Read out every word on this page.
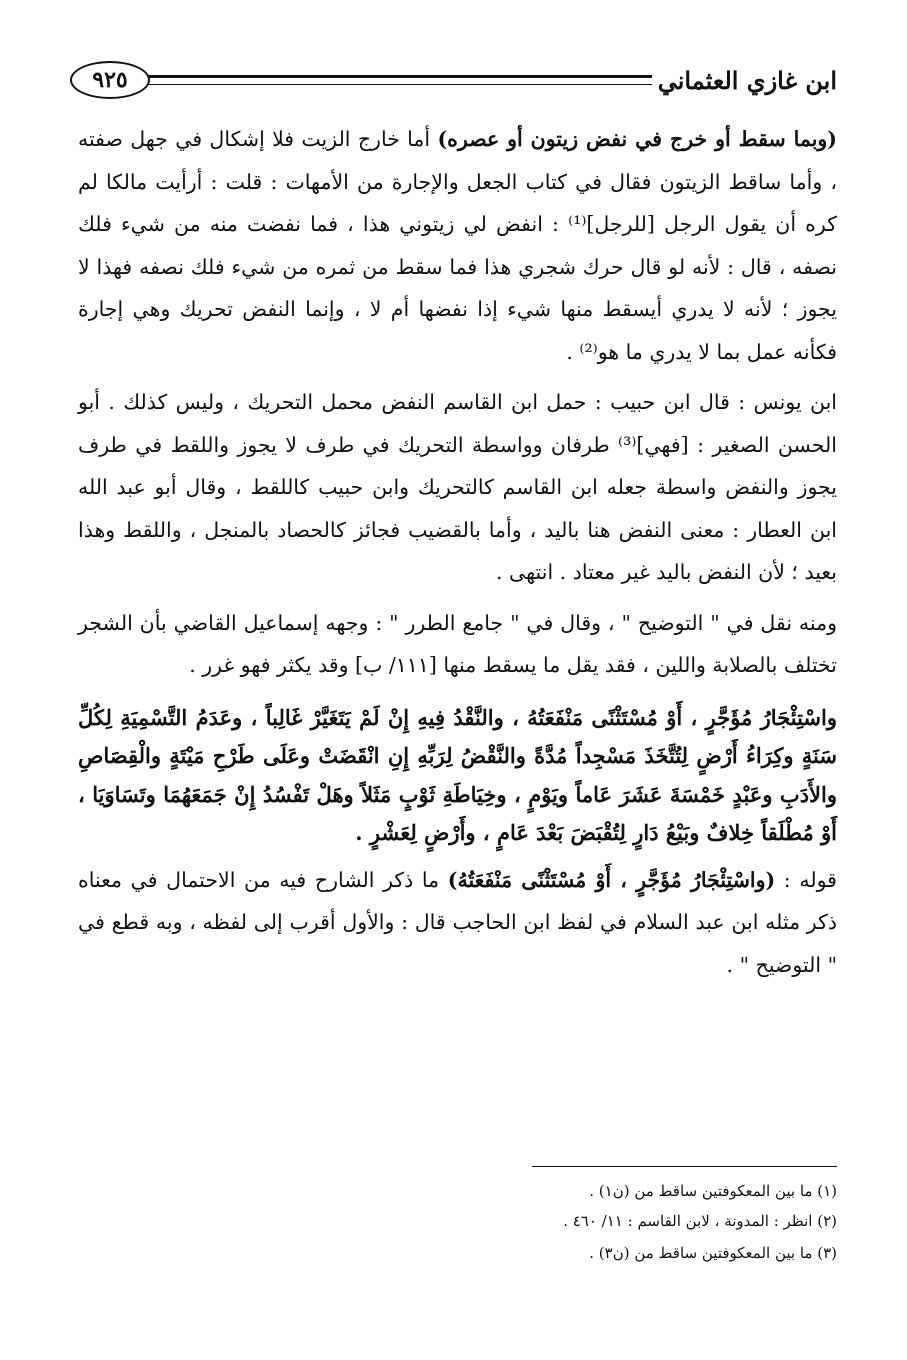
ابن غازي العثماني
٩٢٥

(وبما سقط أو خرج في نفض زيتون أو عصره) أما خارج الزيت فلا إشكال في جهل صفته ، وأما ساقط الزيتون فقال في كتاب الجعل والإجارة من الأمهات : قلت : أرأيت مالكا لم كره أن يقول الرجل [للرجل]⁽¹⁾ : انفض لي زيتوني هذا ، فما نفضت منه من شيء فلك نصفه ، قال : لأنه لو قال حرك شجري هذا فما سقط من ثمره من شيء فلك نصفه فهذا لا يجوز ؛ لأنه لا يدري أيسقط منها شيء إذا نفضها أم لا ، وإنما النفض تحريك وهي إجارة فكأنه عمل بما لا يدري ما هو⁽²⁾ .

ابن يونس : قال ابن حبيب : حمل ابن القاسم النفض محمل التحريك ، وليس كذلك . أبو الحسن الصغير : [فهي]⁽³⁾ طرفان وواسطة التحريك في طرف لا يجوز واللقط في طرف يجوز والنفض واسطة جعله ابن القاسم كالتحريك وابن حبيب كاللقط ، وقال أبو عبد الله ابن العطار : معنى النفض هنا باليد ، وأما بالقضيب فجائز كالحصاد بالمنجل ، واللقط وهذا بعيد ؛ لأن النفض باليد غير معتاد . انتهى .

ومنه نقل في " التوضيح " ، وقال في " جامع الطرر " : وجهه إسماعيل القاضي بأن الشجر تختلف بالصلابة واللين ، فقد يقل ما يسقط منها [١١١/ ب] وقد يكثر فهو غرر .

واسْتِئْجَارُ مُؤَجَّرٍ ، أَوْ مُسْتَثْنًى مَنْفَعَتُهُ ، والنَّقْدُ فِيهِ إِنْ لَمْ يَتَغَيَّرْ غَالِباً ، وعَدَمُ التَّسْمِيَةِ لِكُلِّ سَنَةٍ وكِرَاءُ أَرْضٍ لِتُتَّخَذَ مَسْجِداً مُدَّةً والنَّقْضُ لِرَبِّهِ إِنِ انْقَضَتْ وعَلَى طَرْحِ مَيْتَةٍ والْقِصَاصِ والأَدَبِ وعَبْدٍ خَمْسَةَ عَشَرَ عَاماً ويَوْمٍ ، وخِيَاطَةِ ثَوْبٍ مَثَلاً وهَلْ تَفْسُدُ إِنْ جَمَعَهُمَا وتَسَاوَيَا ، أَوْ مُطْلَقاً خِلافٌ وبَيْعُ دَارٍ لِتُقْبَضَ بَعْدَ عَامٍ ، وأَرْضٍ لِعَشْرٍ .

قوله : (واسْتِئْجَارُ مُؤَجَّرٍ ، أَوْ مُسْتَثْنًى مَنْفَعَتُهُ) ما ذكر الشارح فيه من الاحتمال في معناه ذكر مثله ابن عبد السلام في لفظ ابن الحاجب قال : والأول أقرب إلى لفظه ، وبه قطع في " التوضيح " .

(١) ما بين المعكوفتين ساقط من (ن١) .

(٢) انظر : المدونة ، لابن القاسم : ١١/ ٤٦٠ .

(٣) ما بين المعكوفتين ساقط من (ن٣) .
